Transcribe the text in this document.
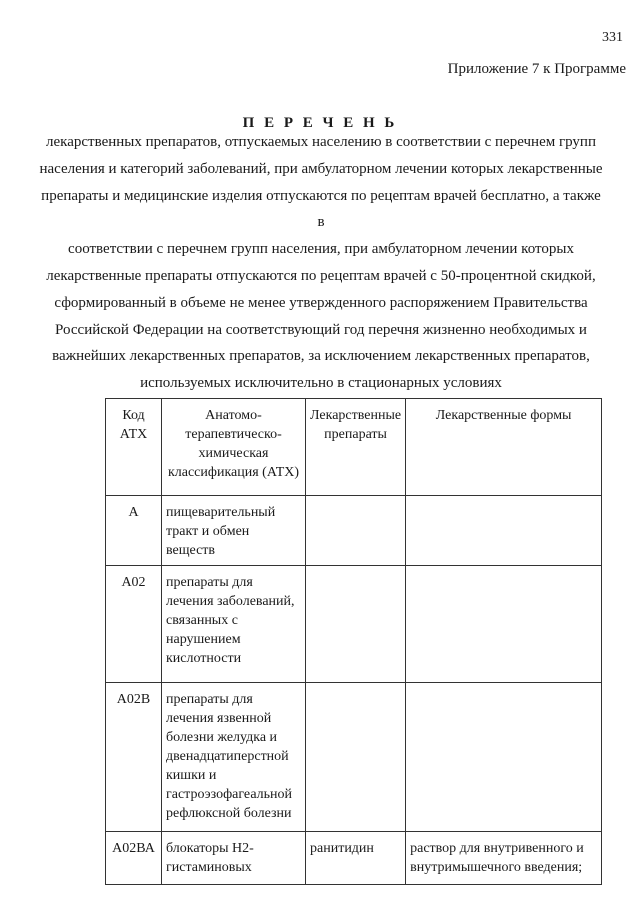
331
Приложение 7 к Программе
П Е Р Е Ч Е Н Ь
лекарственных препаратов, отпускаемых населению в соответствии с перечнем групп
населения и категорий заболеваний, при амбулаторном лечении которых лекарственные
препараты и медицинские изделия отпускаются по рецептам врачей бесплатно, а также в
соответствии с перечнем групп населения, при амбулаторном лечении которых
лекарственные препараты отпускаются по рецептам врачей с 50-процентной скидкой,
сформированный в объеме не менее утвержденного распоряжением Правительства
Российской Федерации на соответствующий год перечня жизненно необходимых и
важнейших лекарственных препаратов, за исключением лекарственных препаратов,
используемых исключительно в стационарных условиях
Код АТХ	Анатомо-терапевтическо-химическая классификация (АТХ)	Лекарственные препараты	Лекарственные формы
А	пищеварительный тракт и обмен веществ		
А02	препараты для лечения заболеваний, связанных с нарушением кислотности		
А02В	препараты для лечения язвенной болезни желудка и двенадцатиперстной кишки и гастроэзофагеальной рефлюксной болезни		
А02ВА	блокаторы Н2-гистаминовых	ранитидин	раствор для внутривенного и внутримышечного введения;
